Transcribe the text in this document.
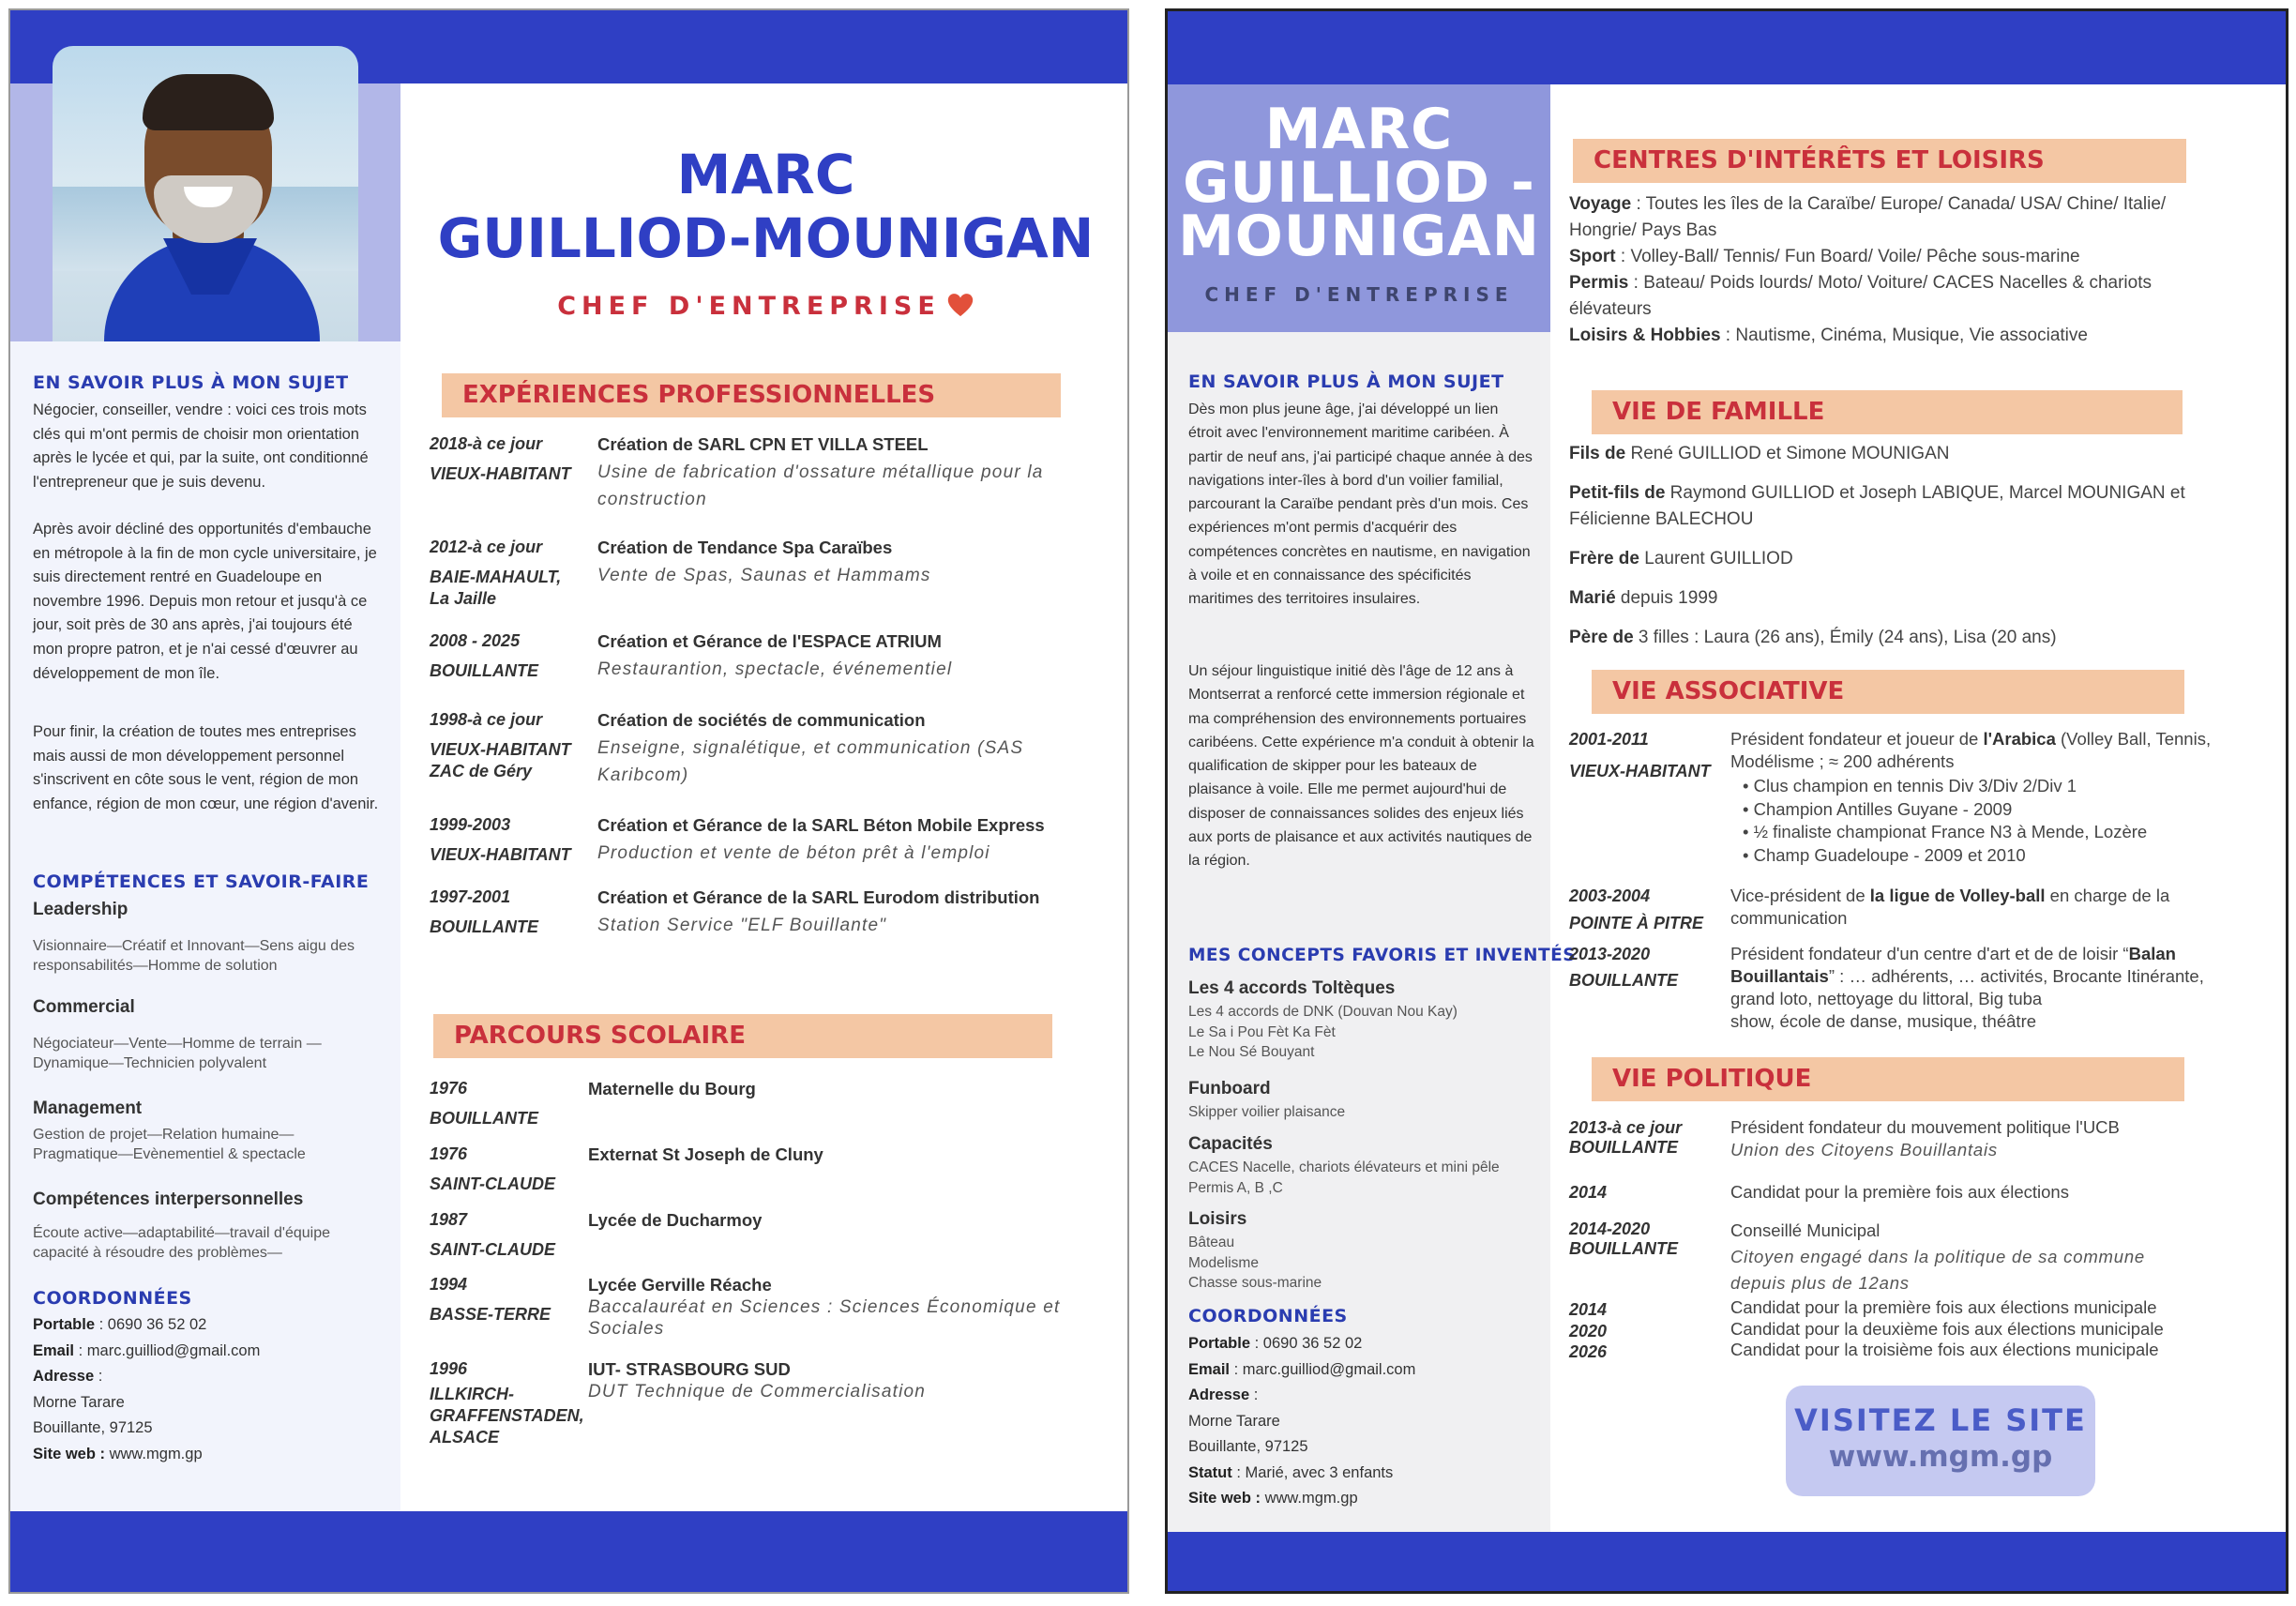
EN SAVOIR PLUS À MON SUJET
Négocier, conseiller, vendre : voici ces trois mots clés qui m'ont permis de choisir mon orientation après le lycée et qui, par la suite, ont conditionné l'entrepreneur que je suis devenu.
Après avoir décliné des opportunités d'embauche en métropole à la fin de mon cycle universitaire, je suis directement rentré en Guadeloupe en novembre 1996. Depuis mon retour et jusqu'à ce jour, soit près de 30 ans après, j'ai toujours été mon propre patron, et je n'ai cessé d'œuvrer au développement de mon île.
Pour finir, la création de toutes mes entreprises mais aussi de mon développement personnel s'inscrivent en côte sous le vent, région de mon enfance, région de mon cœur, une région d'avenir.
COMPÉTENCES ET SAVOIR-FAIRE
Leadership
Visionnaire—Créatif et Innovant—Sens aigu des responsabilités—Homme de solution
Commercial
Négociateur—Vente—Homme de terrain —Dynamique—Technicien polyvalent
Management
Gestion de projet—Relation humaine—Pragmatique—Evènementiel & spectacle
Compétences interpersonnelles
Écoute active—adaptabilité—travail d'équipe capacité à résoudre des problèmes—
COORDONNÉES
Portable : 0690 36 52 02
Email : marc.guilliod@gmail.com
Adresse :
Morne Tarare
Bouillante, 97125
Site web : www.mgm.gp
MARC
GUILLIOD-MOUNIGAN
CHEF D'ENTREPRISE
EXPÉRIENCES PROFESSIONNELLES
2018-à ce jour
VIEUX-HABITANT
Création de SARL CPN ET VILLA STEEL
Usine de fabrication d'ossature métallique pour la construction
2012-à ce jour
BAIE-MAHAULT, La Jaille
Création de Tendance Spa Caraïbes
Vente de Spas, Saunas et Hammams
2008 - 2025
BOUILLANTE
Création et Gérance de l'ESPACE ATRIUM
Restaurantion, spectacle, événementiel
1998-à ce jour
VIEUX-HABITANT ZAC de Géry
Création de sociétés de communication
Enseigne, signalétique, et communication (SAS Karibcom)
1999-2003
VIEUX-HABITANT
Création et Gérance de la SARL Béton Mobile Express
Production et vente de béton prêt à l'emploi
1997-2001
BOUILLANTE
Création et Gérance de la SARL Eurodom distribution
Station Service "ELF Bouillante"
PARCOURS SCOLAIRE
1976
BOUILLANTE
Maternelle du Bourg
1976
SAINT-CLAUDE
Externat St Joseph de Cluny
1987
SAINT-CLAUDE
Lycée de Ducharmoy
1994
BASSE-TERRE
Lycée Gerville Réache
Baccalauréat en Sciences : Sciences Économique et Sociales
1996
ILLKIRCH-GRAFFENSTADEN, ALSACE
IUT- STRASBOURG SUD
DUT Technique de Commercialisation
MARC
GUILLIOD -
MOUNIGAN
CHEF D'ENTREPRISE
EN SAVOIR PLUS À MON SUJET
Dès mon plus jeune âge, j'ai développé un lien étroit avec l'environnement maritime caribéen. À partir de neuf ans, j'ai participé chaque année à des navigations inter-îles à bord d'un voilier familial, parcourant la Caraïbe pendant près d'un mois. Ces expériences m'ont permis d'acquérir des compétences concrètes en nautisme, en navigation à voile et en connaissance des spécificités maritimes des territoires insulaires.
Un séjour linguistique initié dès l'âge de 12 ans à Montserrat a renforcé cette immersion régionale et ma compréhension des environnements portuaires caribéens. Cette expérience m'a conduit à obtenir la qualification de skipper pour les bateaux de plaisance à voile. Elle me permet aujourd'hui de disposer de connaissances solides des enjeux liés aux ports de plaisance et aux activités nautiques de la région.
MES CONCEPTS FAVORIS ET INVENTÉS
Les 4 accords Toltèques
Les 4 accords de DNK (Douvan Nou Kay)
Le Sa i Pou Fèt Ka Fèt
Le Nou Sé Bouyant
Funboard
Skipper voilier plaisance
Capacités
CACES Nacelle, chariots élévateurs et mini pêle
Permis A, B ,C
Loisirs
Bâteau
Modelisme
Chasse sous-marine
COORDONNÉES
Portable : 0690 36 52 02
Email : marc.guilliod@gmail.com
Adresse :
Morne Tarare
Bouillante, 97125
Statut : Marié, avec 3 enfants
Site web : www.mgm.gp
CENTRES D'INTÉRÊTS ET LOISIRS
Voyage : Toutes les îles de la Caraïbe/ Europe/ Canada/ USA/ Chine/ Italie/
Hongrie/ Pays Bas
Sport : Volley-Ball/ Tennis/ Fun Board/ Voile/ Pêche sous-marine
Permis : Bateau/ Poids lourds/ Moto/ Voiture/ CACES Nacelles & chariots
élévateurs
Loisirs & Hobbies : Nautisme, Cinéma, Musique, Vie associative
VIE DE FAMILLE
Fils de René GUILLIOD et Simone MOUNIGAN
Petit-fils de Raymond GUILLIOD et Joseph LABIQUE, Marcel MOUNIGAN et
Félicienne BALECHOU
Frère de Laurent GUILLIOD
Marié depuis 1999
Père de 3 filles : Laura (26 ans), Émily (24 ans), Lisa (20 ans)
VIE ASSOCIATIVE
2001-2011
VIEUX-HABITANT
Président fondateur et joueur de l'Arabica (Volley Ball, Tennis,
Modélisme ; ≈ 200 adhérents
• Clus champion en tennis Div 3/Div 2/Div 1
• Champion Antilles Guyane - 2009
• ½ finaliste championat France N3 à Mende, Lozère
• Champ Guadeloupe - 2009 et 2010
2003-2004
POINTE À PITRE
Vice-président de la ligue de Volley-ball en charge de la
communication
2013-2020
BOUILLANTE
Président fondateur d'un centre d'art et de de loisir “Balan
Bouillantais” : … adhérents, … activités, Brocante Itinérante,
grand loto, nettoyage du littoral, Big tuba
show, école de danse, musique, théâtre
VIE POLITIQUE
2013-à ce jour
BOUILLANTE
Président fondateur du mouvement politique l'UCB
Union des Citoyens Bouillantais
2014	Candidat pour la première fois aux élections
2014-2020
BOUILLANTE
Conseillé Municipal
Citoyen engagé dans la politique de sa commune
depuis plus de 12ans
2014
2020
2026
Candidat pour la première fois aux élections municipale
Candidat pour la deuxième fois aux élections municipale
Candidat pour la troisième fois aux élections municipale
VISITEZ LE SITE
www.mgm.gp
